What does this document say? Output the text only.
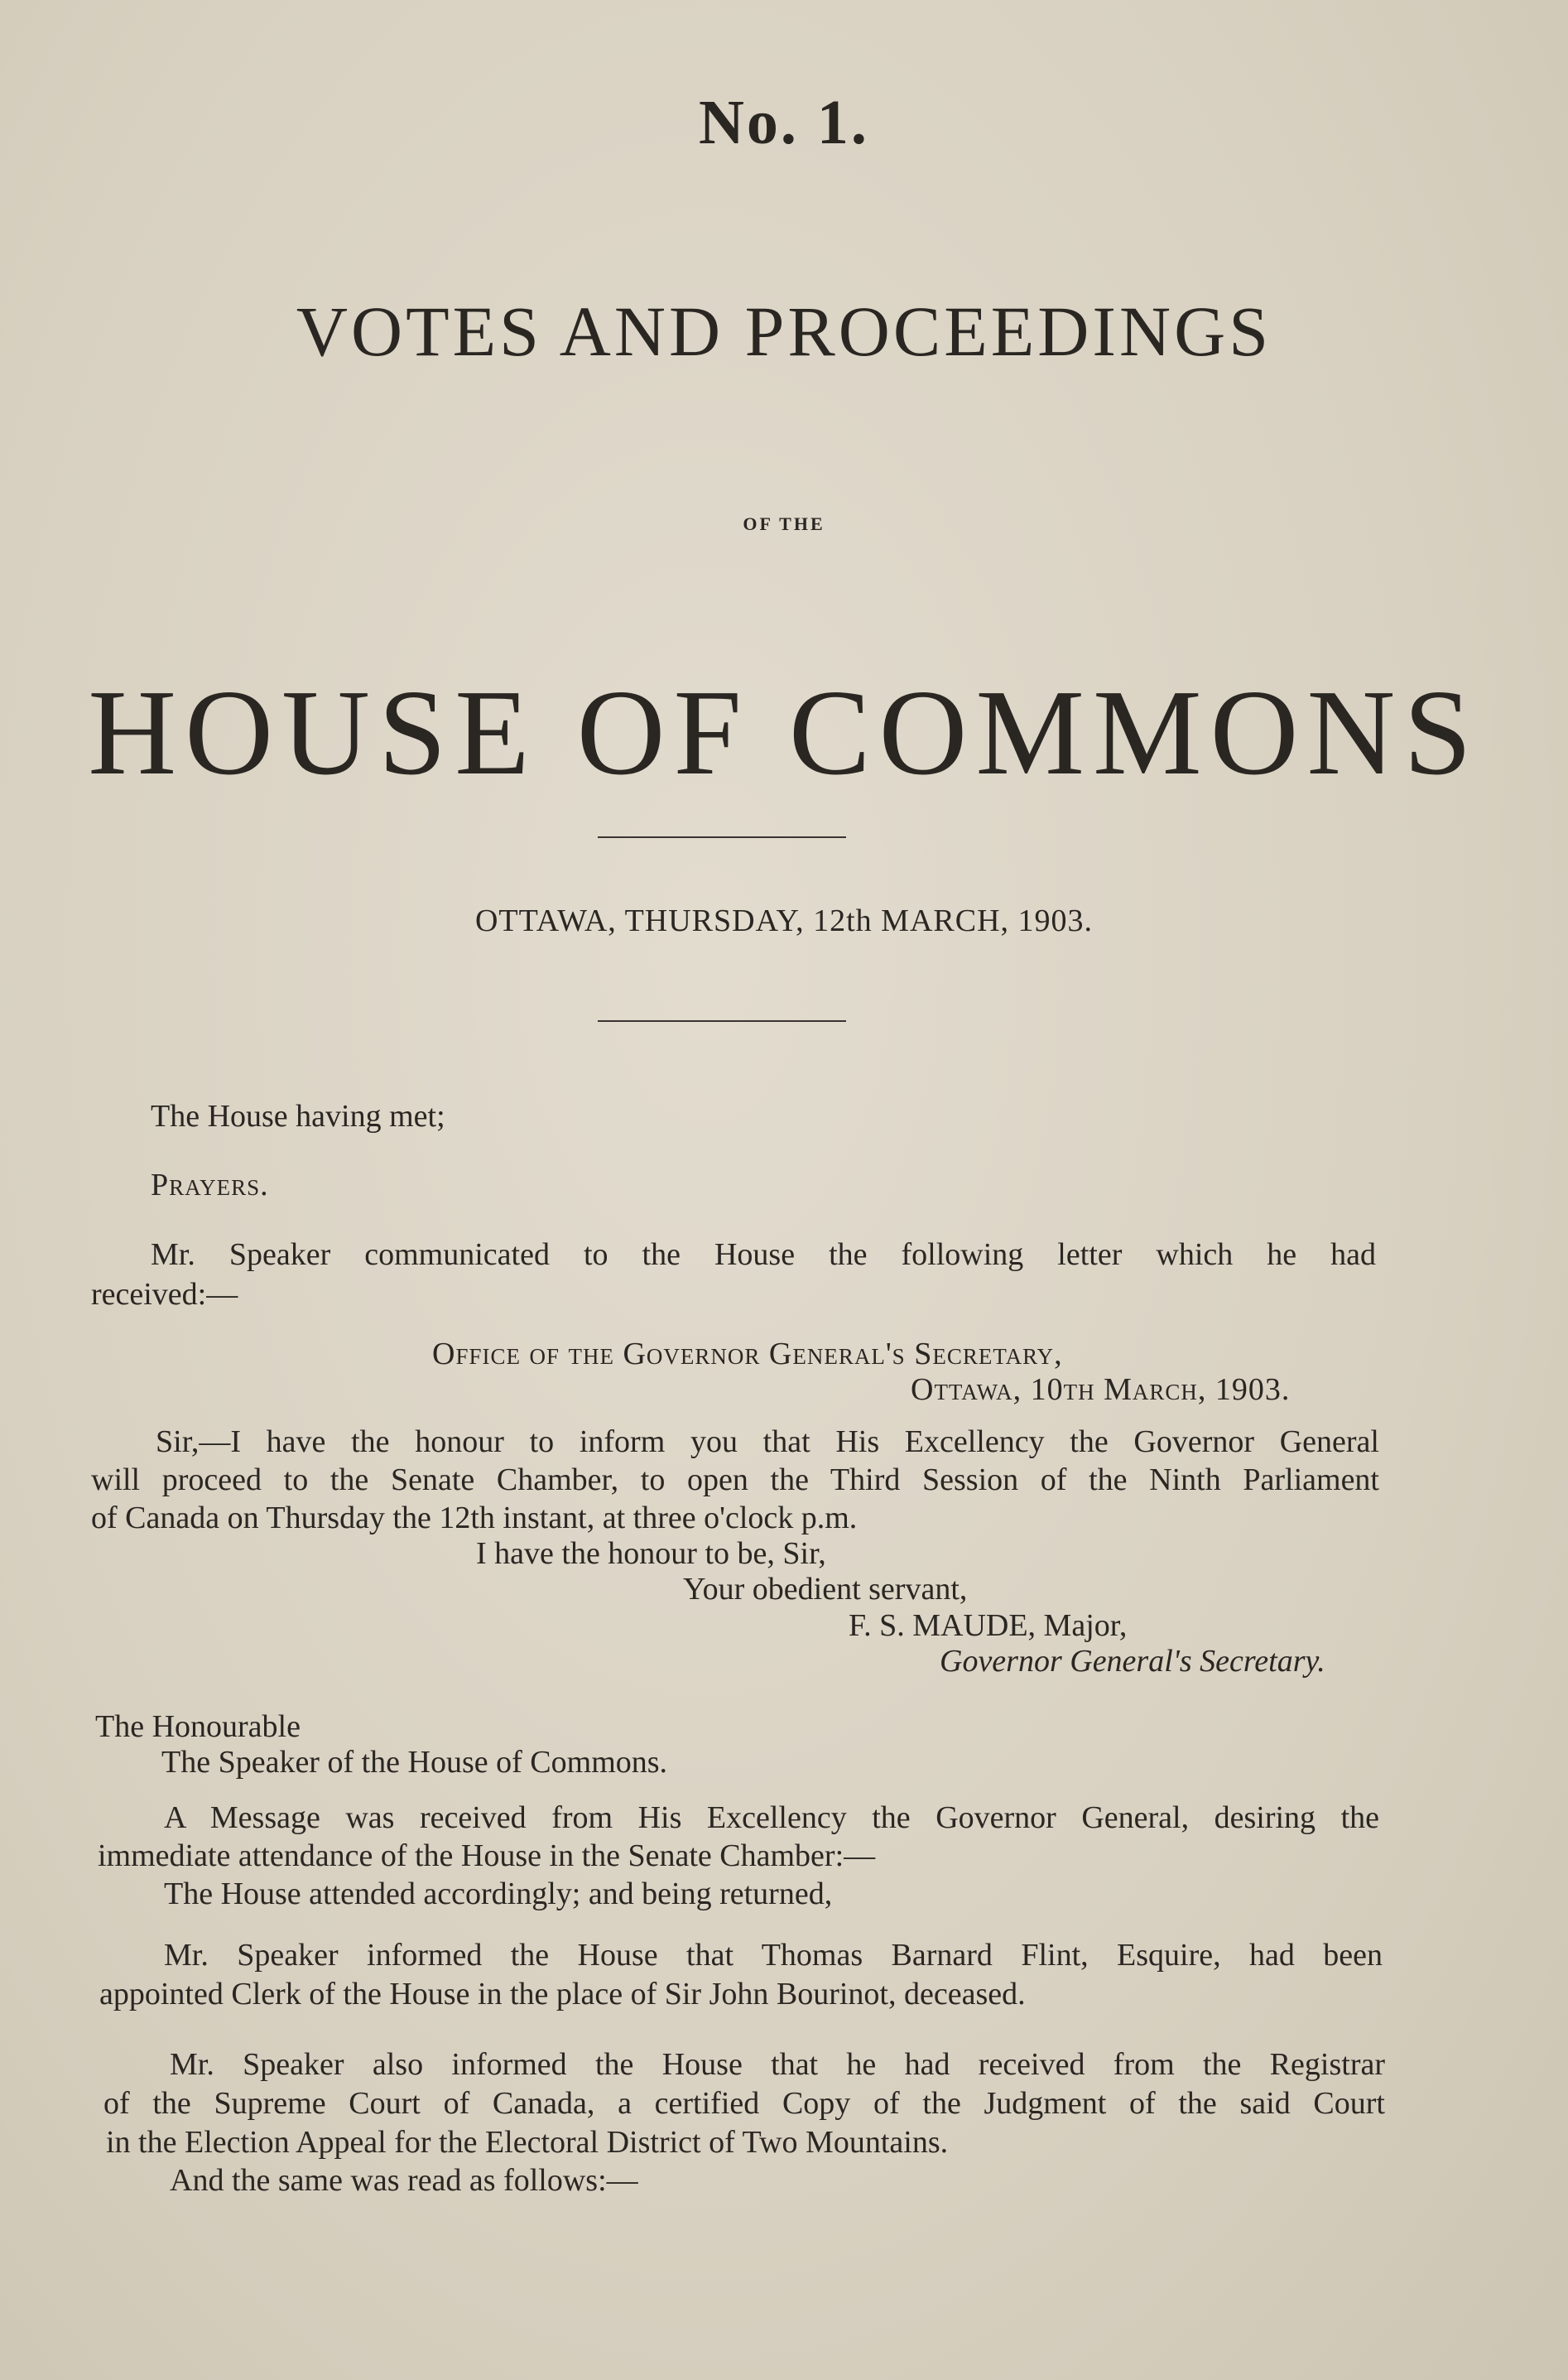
No. 1.
VOTES AND PROCEEDINGS
OF THE
HOUSE OF COMMONS
OTTAWA, THURSDAY, 12th MARCH, 1903.
The House having met;
Prayers.
Mr. Speaker communicated to the House the following letter which he had
received:—
Office of the Governor General's Secretary,
Ottawa, 10th March, 1903.
Sir,—I have the honour to inform you that His Excellency the Governor General
will proceed to the Senate Chamber, to open the Third Session of the Ninth Parliament
of Canada on Thursday the 12th instant, at three o'clock p.m.
I have the honour to be, Sir,
Your obedient servant,
F. S. MAUDE, Major,
Governor General's Secretary.
The Honourable
The Speaker of the House of Commons.
A Message was received from His Excellency the Governor General, desiring the
immediate attendance of the House in the Senate Chamber:—
The House attended accordingly; and being returned,
Mr. Speaker informed the House that Thomas Barnard Flint, Esquire, had been
appointed Clerk of the House in the place of Sir John Bourinot, deceased.
Mr. Speaker also informed the House that he had received from the Registrar
of the Supreme Court of Canada, a certified Copy of the Judgment of the said Court
in the Election Appeal for the Electoral District of Two Mountains.
And the same was read as follows:—
